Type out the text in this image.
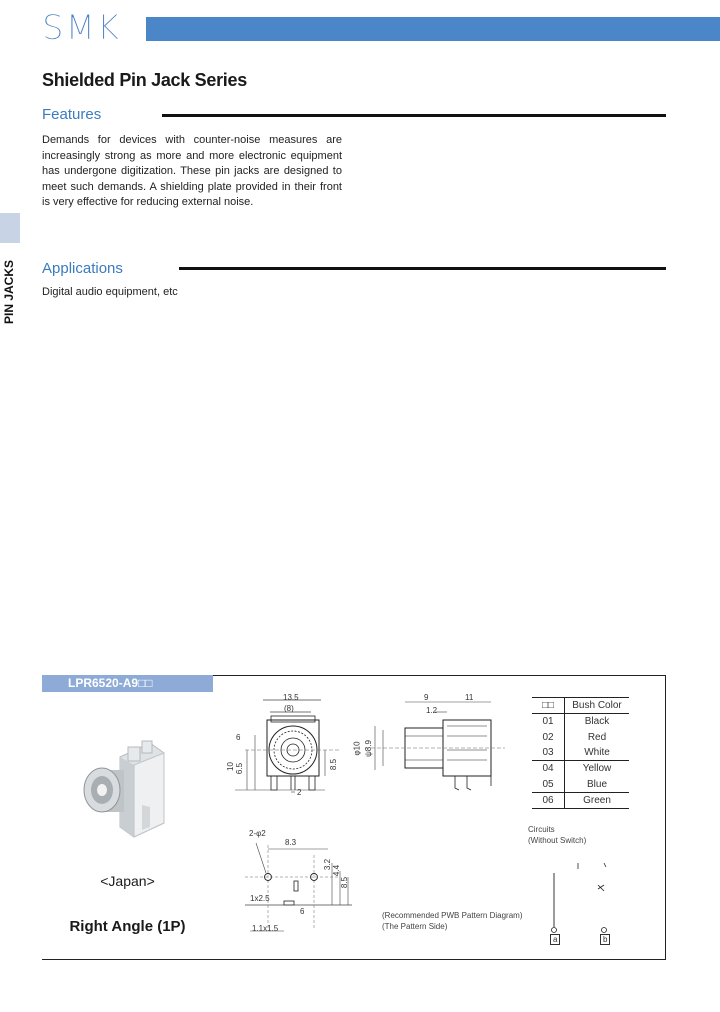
SMK
Shielded Pin Jack Series
PIN JACKS
Features
Demands for devices with counter-noise measures are
increasingly strong as more and more electronic equipment
has undergone digitization. These pin jacks are designed to
meet such demands. A shielding plate provided in their front
is very effective for reducing external noise.
Applications
Digital audio equipment, etc
LPR6520-A9□□
<Japan>
Right Angle (1P)
13.5
(8)
6
10 6.5	8.5
2
9	11
1.2
φ10 ψ8.9
□□	Bush Color
01	Black
02	Red
03	White
04	Yellow
05	Blue
06	Green
2-φ2
8.3
3.2
4.4
8.5
1x2.5
6
1.1x1.5
(Recommended PWB Pattern Diagram)
(The Pattern Side)
Circuits
(Without Switch)
a	b
